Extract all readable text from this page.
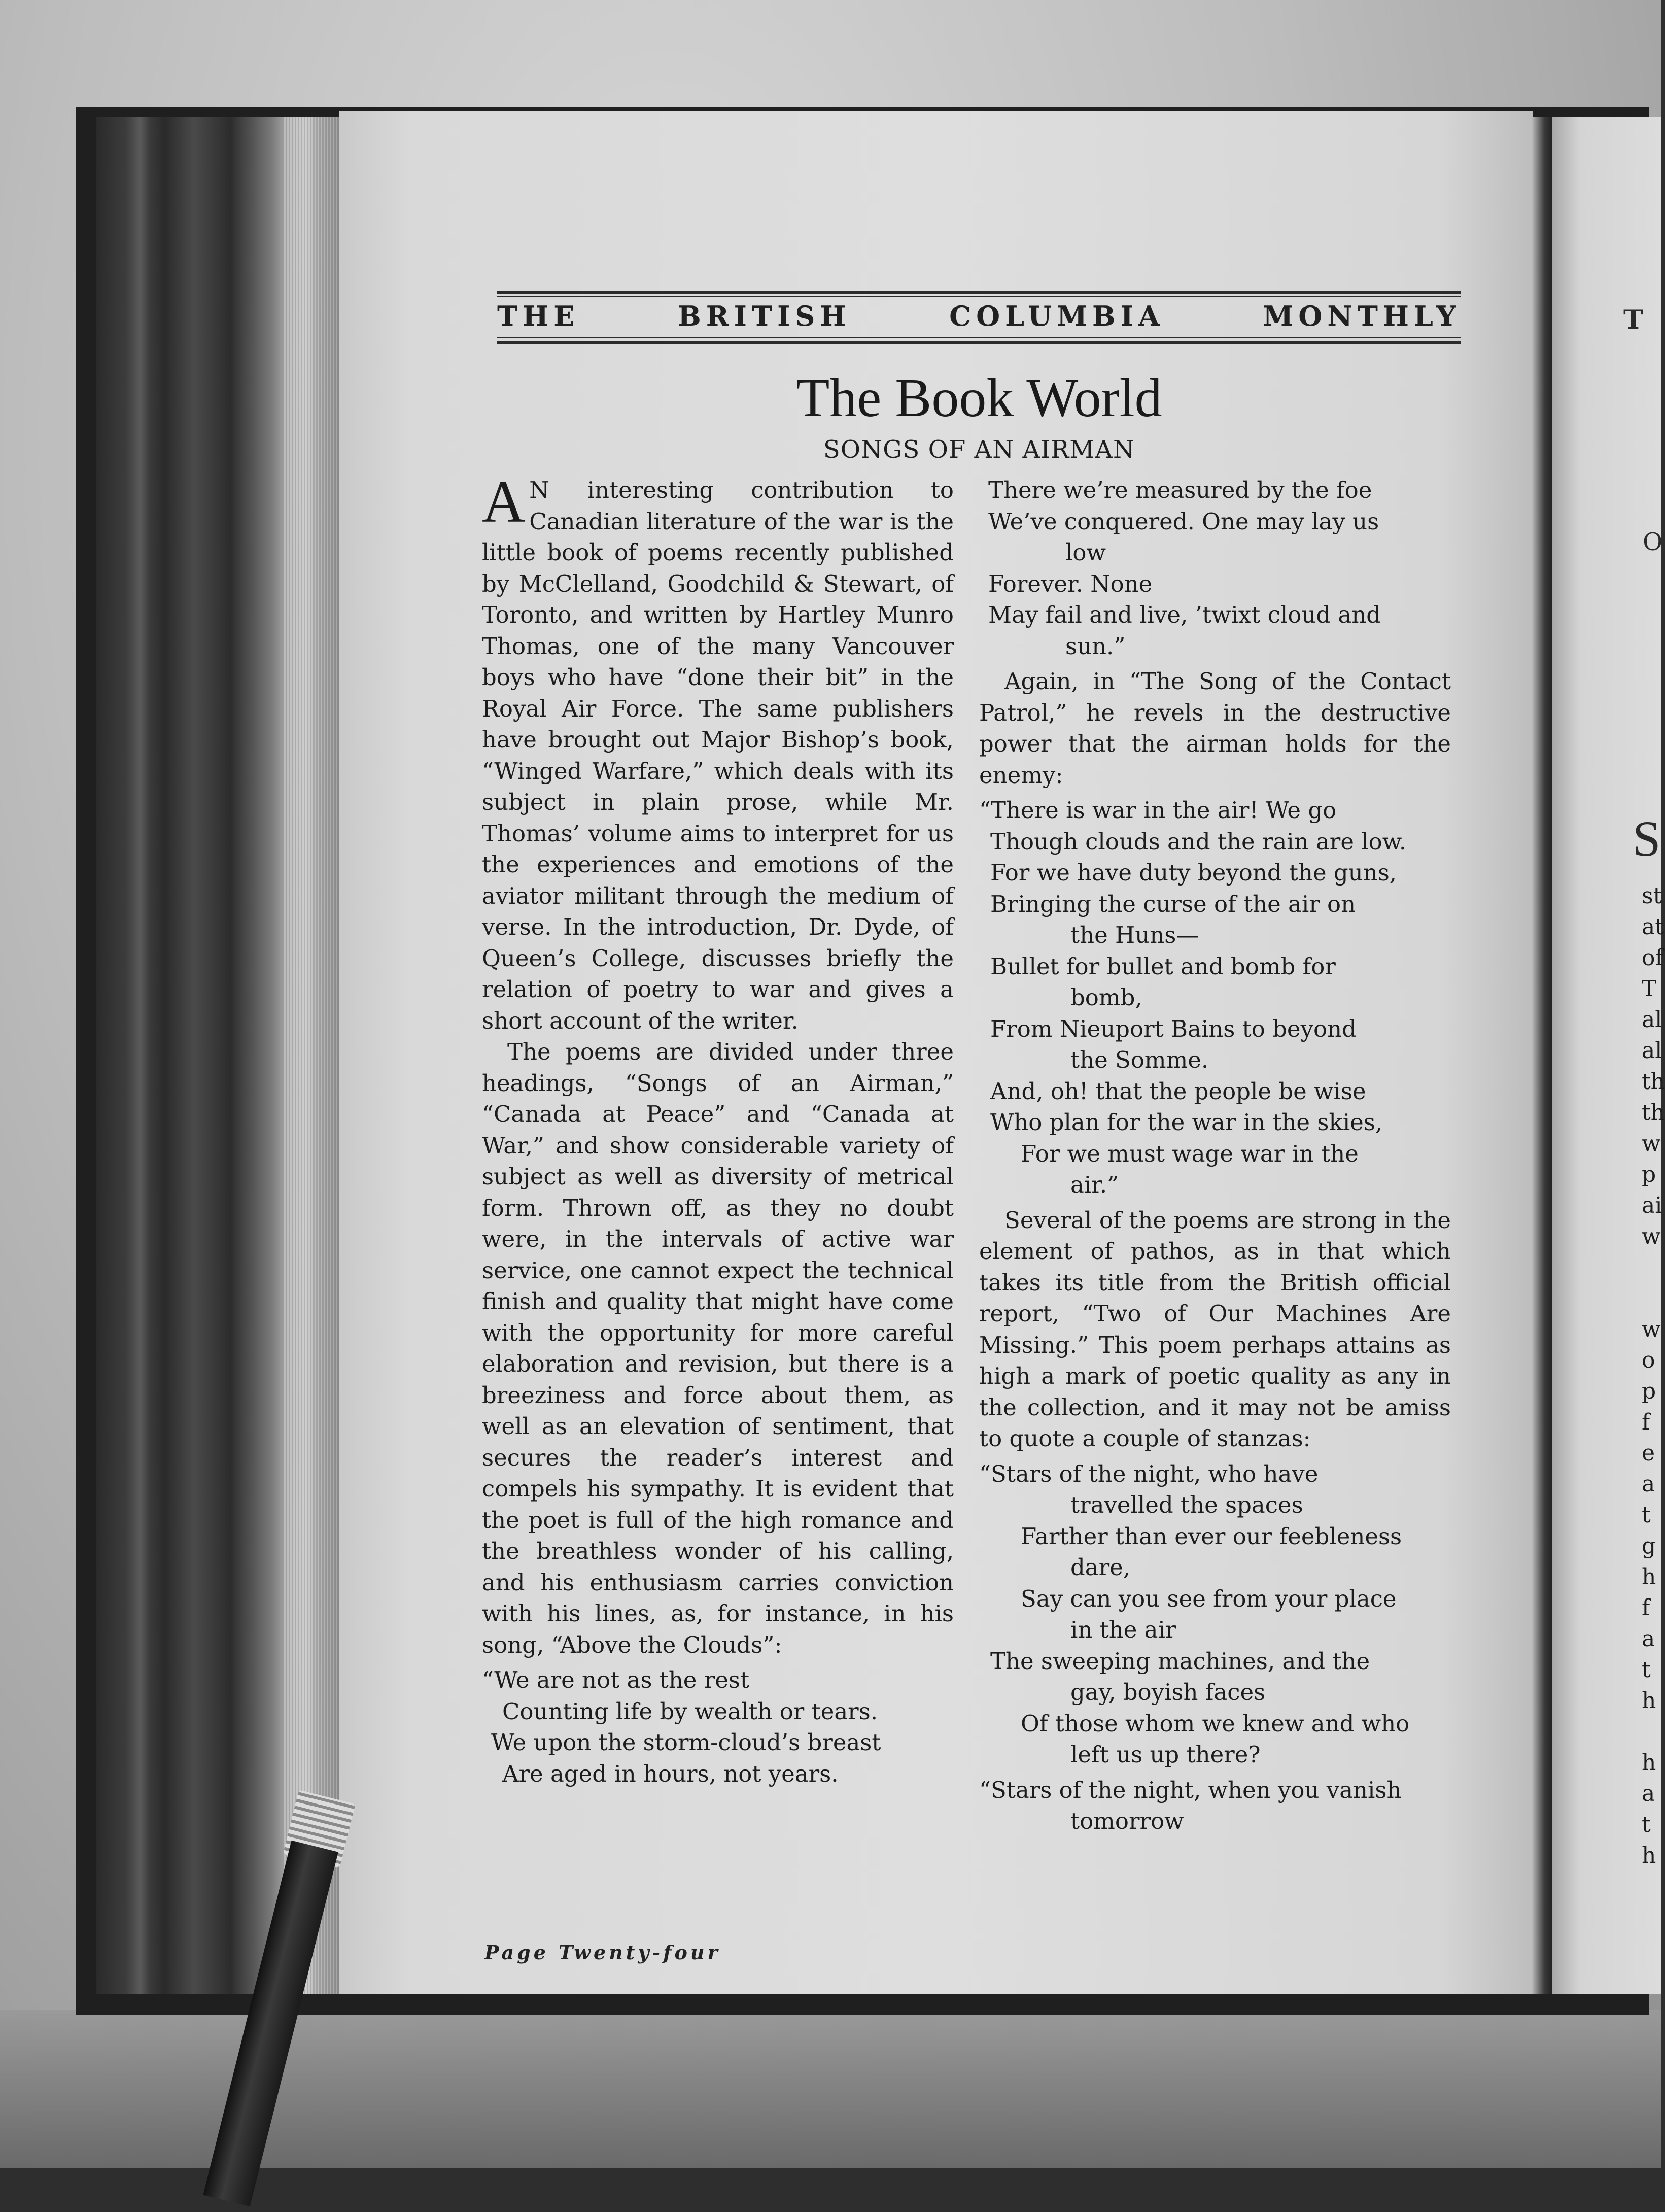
THE	BRITISH	COLUMBIA	MONTHLY
The Book World
SONGS OF AN AIRMAN

A N interesting contribution to Canadian literature of the war is the little book of poems recently published by McClelland, Goodchild & Stewart, of Toronto, and written by Hartley Munro Thomas, one of the many Vancouver boys who have “done their bit” in the Royal Air Force. The same publishers have brought out Major Bishop’s book, “Winged Warfare,” which deals with its subject in plain prose, while Mr. Thomas’ volume aims to interpret for us the experiences and emotions of the aviator militant through the medium of verse. In the introduction, Dr. Dyde, of Queen’s College, discusses briefly the relation of poetry to war and gives a short account of the writer.

The poems are divided under three headings, “Songs of an Airman,” “Canada at Peace” and “Canada at War,” and show considerable variety of subject as well as diversity of metrical form. Thrown off, as they no doubt were, in the intervals of active war service, one cannot expect the technical finish and quality that might have come with the opportunity for more careful elaboration and revision, but there is a breeziness and force about them, as well as an elevation of sentiment, that secures the reader’s interest and compels his sympathy. It is evident that the poet is full of the high romance and the breathless wonder of his calling, and his enthusiasm carries conviction with his lines, as, for instance, in his song, “Above the Clouds”:

“We are not as the rest
Counting life by wealth or tears.
We upon the storm-cloud’s breast
Are aged in hours, not years.
There we’re measured by the foe
We’ve conquered. One may lay us
low
Forever. None
May fail and live, ’twixt cloud and
sun.”

Again, in “The Song of the Contact Patrol,” he revels in the destructive power that the airman holds for the enemy:

“There is war in the air! We go
Though clouds and the rain are low.
For we have duty beyond the guns,
Bringing the curse of the air on
the Huns—
Bullet for bullet and bomb for
bomb,
From Nieuport Bains to beyond
the Somme.
And, oh! that the people be wise
Who plan for the war in the skies,
For we must wage war in the
air.”

Several of the poems are strong in the element of pathos, as in that which takes its title from the British official report, “Two of Our Machines Are Missing.” This poem perhaps attains as high a mark of poetic quality as any in the collection, and it may not be amiss to quote a couple of stanzas:

“Stars of the night, who have
travelled the spaces
Farther than ever our feebleness
dare,
Say can you see from your place
in the air
The sweeping machines, and the
gay, boyish faces
Of those whom we knew and who
left us up there?
“Stars of the night, when you vanish
tomorrow
Page Twenty-four
T
O
S
st
at
of
T
al
al
th
th
w
p
ai
w
w
o
p
f
e
a
t
g
h
f
a
t
h
h
a
t
h
